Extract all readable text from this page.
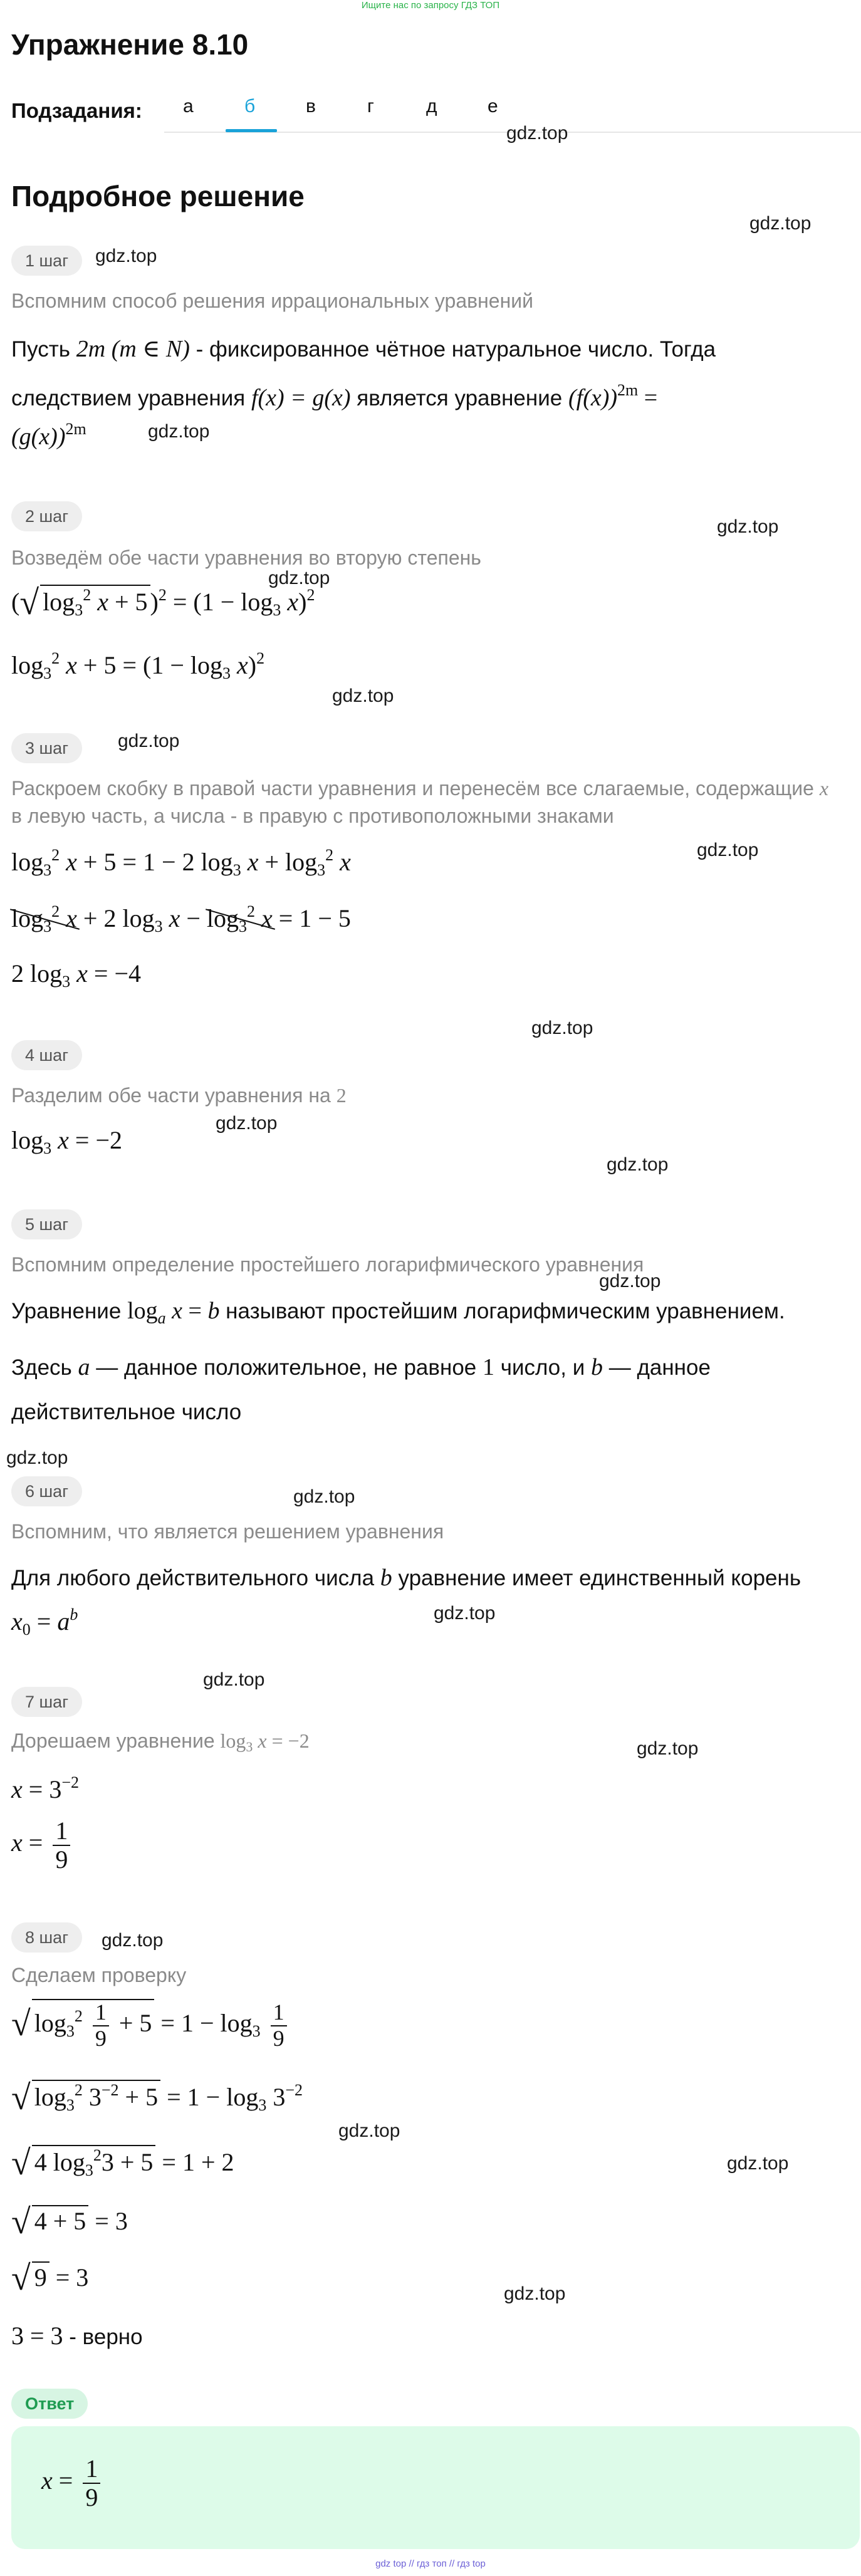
Ищите нас по запросу ГДЗ ТОП
Упражнение 8.10
Подзадания: а	б	в	г	д	е
Подробное решение
gdz.top
gdz.top
gdz.top
gdz.top
gdz.top
gdz.top
gdz.top
gdz.top
gdz.top
gdz.top
gdz.top
gdz.top
gdz.top
gdz.top
gdz.top
gdz.top
gdz.top
gdz.top
gdz.top
gdz.top
gdz.top
gdz.top
1 шаг
Вспомним способ решения иррациональных уравнений
Пусть 2m (m ∈ N) - фиксированное чётное натуральное число. Тогда
следствием уравнения f(x) = g(x) является уравнение $(f(x))^{2m}$ =
$(g(x))^{2m}$
2 шаг
Возведём обе части уравнения во вторую степень
(√ $\log_3^2 x + 5$ )$^2 = (1 - \log_3 x)^2$
$\log_3^2 x + 5 = (1 - \log_3 x)^2$
3 шаг
Раскроем скобку в правой части уравнения и перенесём все слагаемые, содержащие x
в левую часть, а числа - в правую с противоположными знаками
$\log_3^2 x + 5 = 1 - 2$ $\log_3 x + \log_3^2 x$
$\log_3^2 x + 2$ $\log_3 x - \log_3^2 x = 1 - 5$
2 $\log_3 x = -4$
4 шаг
Разделим обе части уравнения на 2
$\log_3 x = -2$
5 шаг
Вспомним определение простейшего логарифмического уравнения
Уравнение $\log_a x = b$ называют простейшим логарифмическим уравнением.
Здесь a — данное положительное, не равное 1 число, и b — данное
действительное число
6 шаг
Вспомним, что является решением уравнения
Для любого действительного числа b уравнение имеет единственный корень
$x_0 = a^b$
7 шаг
Дорешаем уравнение log3 x = −2
$x = 3^{-2}$
$x = \frac{1}{9}$
8 шаг
Сделаем проверку
√ $\log_3^2 \frac{1}{9} + 5 = 1 - \log_3 \frac{1}{9}$
√ $\log_3^2 3^{-2} + 5 = 1 - \log_3 3^{-2}$
√ 4 $\log_3^23 + 5 = 1 + 2$
√ 4 + 5 = 3
√ 9 = 3
3 = 3 - верно
Ответ
$x = \frac{1}{9}$
gdz top // гдз топ // гдз top
